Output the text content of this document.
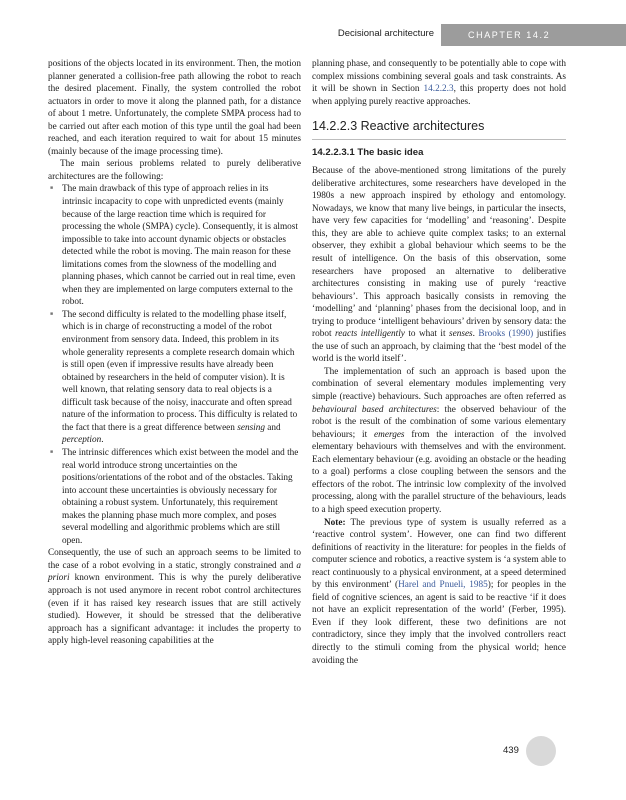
Decisional architecture	CHAPTER 14.2

positions of the objects located in its environment. Then, the motion planner generated a collision-free path allowing the robot to reach the desired placement. Finally, the system controlled the robot actuators in order to move it along the planned path, for a distance of about 1 metre. Unfortunately, the complete SMPA process had to be carried out after each motion of this type until the goal had been reached, and each iteration required to wait for about 15 minutes (mainly because of the image processing time).

The main serious problems related to purely deliberative architectures are the following:

■ The main drawback of this type of approach relies in its intrinsic incapacity to cope with unpredicted events (mainly because of the large reaction time which is required for processing the whole (SMPA) cycle). Consequently, it is almost impossible to take into account dynamic objects or obstacles detected while the robot is moving. The main reason for these limitations comes from the slowness of the modelling and planning phases, which cannot be carried out in real time, even when they are implemented on large computers external to the robot.
■ The second difficulty is related to the modelling phase itself, which is in charge of reconstructing a model of the robot environment from sensory data. Indeed, this problem in its whole generality represents a complete research domain which is still open (even if impressive results have already been obtained by researchers in the held of computer vision). It is well known, that relating sensory data to real objects is a difficult task because of the noisy, inaccurate and often spread nature of the information to process. This difficulty is related to the fact that there is a great difference between sensing and perception.
■ The intrinsic differences which exist between the model and the real world introduce strong uncertainties on the positions/orientations of the robot and of the obstacles. Taking into account these uncertainties is obviously necessary for obtaining a robust system. Unfortunately, this requirement makes the planning phase much more complex, and poses several modelling and algorithmic problems which are still open.

Consequently, the use of such an approach seems to be limited to the case of a robot evolving in a static, strongly constrained and a priori known environment. This is why the purely deliberative approach is not used anymore in recent robot control architectures (even if it has raised key research issues that are still actively studied). However, it should be stressed that the deliberative approach has a significant advantage: it includes the property to apply high-level reasoning capabilities at the

planning phase, and consequently to be potentially able to cope with complex missions combining several goals and task constraints. As it will be shown in Section 14.2.2.3, this property does not hold when applying purely reactive approaches.

14.2.2.3 Reactive architectures
14.2.2.3.1 The basic idea

Because of the above-mentioned strong limitations of the purely deliberative architectures, some researchers have developed in the 1980s a new approach inspired by ethology and entomology. Nowadays, we know that many live beings, in particular the insects, have very few capacities for ‘modelling’ and ‘reasoning’. Despite this, they are able to achieve quite complex tasks; to an external observer, they exhibit a global behaviour which seems to be the result of intelligence. On the basis of this observation, some researchers have proposed an alternative to deliberative architectures consisting in making use of purely ‘reactive behaviours’. This approach basically consists in removing the ‘modelling’ and ‘planning’ phases from the decisional loop, and in trying to produce ‘intelligent behaviours’ driven by sensory data: the robot reacts intelligently to what it senses. Brooks (1990) justifies the use of such an approach, by claiming that the ‘best model of the world is the world itself’.

The implementation of such an approach is based upon the combination of several elementary modules implementing very simple (reactive) behaviours. Such approaches are often referred as behavioural based architectures: the observed behaviour of the robot is the result of the combination of some various elementary behaviours; it emerges from the interaction of the involved elementary behaviours with themselves and with the environment. Each elementary behaviour (e.g. avoiding an obstacle or the heading to a goal) performs a close coupling between the sensors and the effectors of the robot. The intrinsic low complexity of the involved processing, along with the parallel structure of the behaviours, leads to a high speed execution property.

Note: The previous type of system is usually referred as a ‘reactive control system’. However, one can find two different definitions of reactivity in the literature: for peoples in the fields of computer science and robotics, a reactive system is ‘a system able to react continuously to a physical environment, at a speed determined by this environment’ (Harel and Pnueli, 1985); for peoples in the field of cognitive sciences, an agent is said to be reactive ‘if it does not have an explicit representation of the world’ (Ferber, 1995). Even if they look different, these two definitions are not contradictory, since they imply that the involved controllers react directly to the stimuli coming from the physical world; hence avoiding the

439
